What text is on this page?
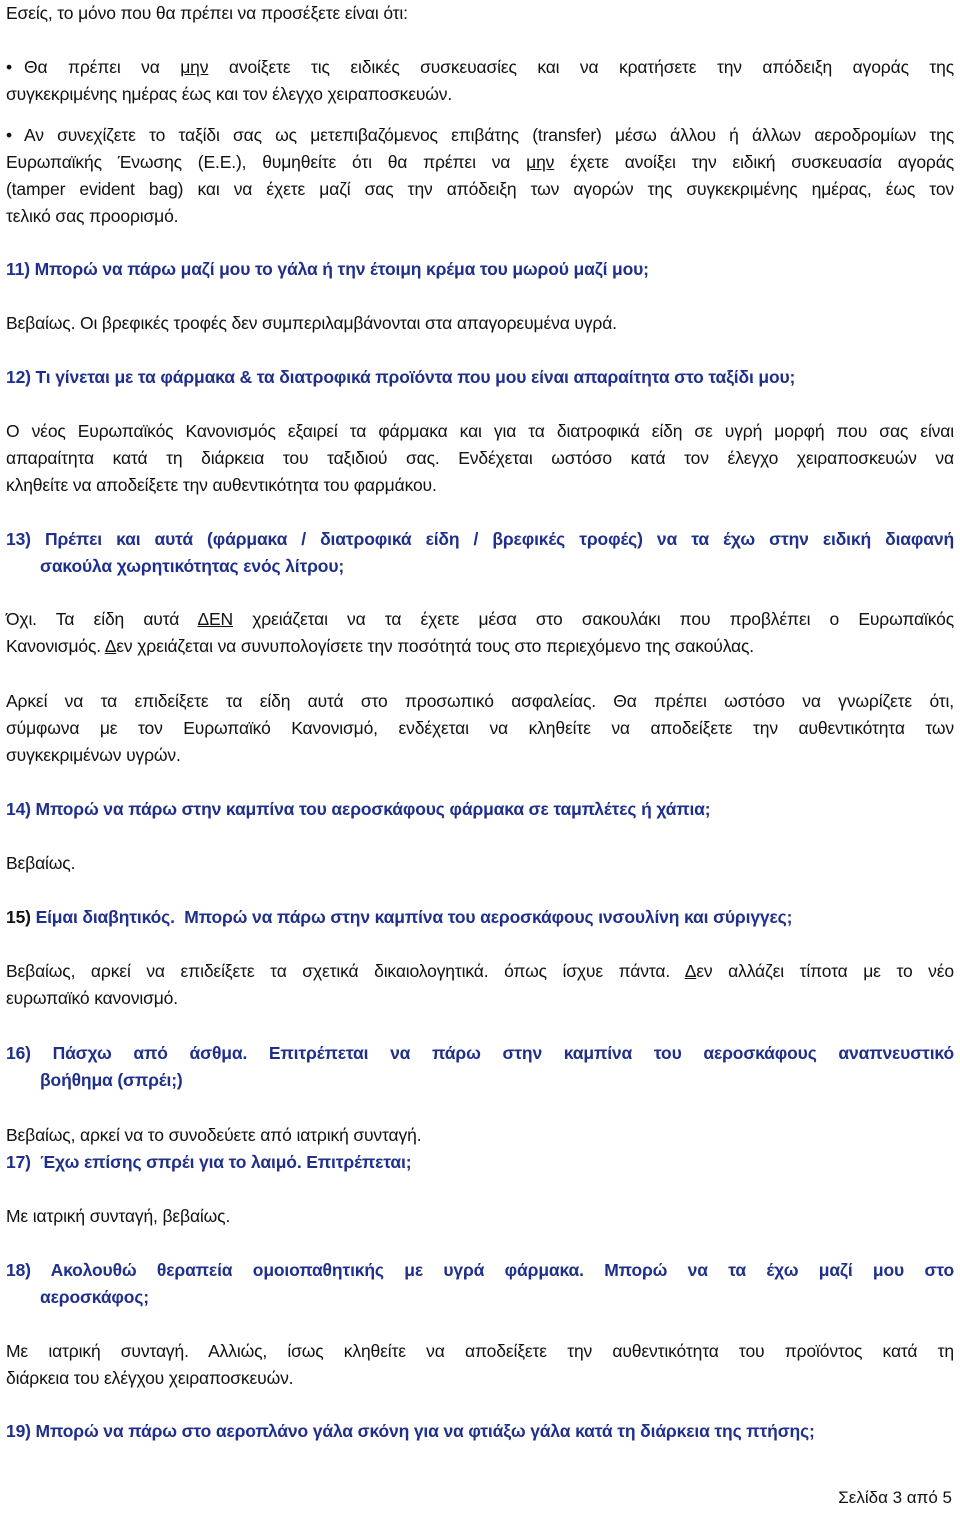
Εσείς, το μόνο που θα πρέπει να προσέξετε είναι ότι:
• Θα πρέπει να μην ανοίξετε τις ειδικές συσκευασίες και να κρατήσετε την απόδειξη αγοράς της
συγκεκριμένης ημέρας έως και τον έλεγχο χειραποσκευών.
• Αν συνεχίζετε το ταξίδι σας ως μετεπιβαζόμενος επιβάτης (transfer) μέσω άλλου ή άλλων αεροδρομίων της
Ευρωπαϊκής Ένωσης (Ε.Ε.), θυμηθείτε ότι θα πρέπει να μην έχετε ανοίξει την ειδική συσκευασία αγοράς
(tamper evident bag) και να έχετε μαζί σας την απόδειξη των αγορών της συγκεκριμένης ημέρας, έως τον
τελικό σας προορισμό.
11) Μπορώ να πάρω μαζί μου το γάλα ή την έτοιμη κρέμα του μωρού μαζί μου;
Βεβαίως. Οι βρεφικές τροφές δεν συμπεριλαμβάνονται στα απαγορευμένα υγρά.
12) Τι γίνεται με τα φάρμακα & τα διατροφικά προϊόντα που μου είναι απαραίτητα στο ταξίδι μου;
Ο νέος Ευρωπαϊκός Κανονισμός εξαιρεί τα φάρμακα και για τα διατροφικά είδη σε υγρή μορφή που σας είναι
απαραίτητα κατά τη διάρκεια του ταξιδιού σας. Ενδέχεται ωστόσο κατά τον έλεγχο χειραποσκευών να
κληθείτε να αποδείξετε την αυθεντικότητα του φαρμάκου.
13) Πρέπει και αυτά (φάρμακα / διατροφικά είδη / βρεφικές τροφές) να τα έχω στην ειδική διαφανή
σακούλα χωρητικότητας ενός λίτρου;
Όχι. Τα είδη αυτά ΔΕΝ χρειάζεται να τα έχετε μέσα στο σακουλάκι που προβλέπει ο Ευρωπαϊκός
Κανονισμός. Δεν χρειάζεται να συνυπολογίσετε την ποσότητά τους στο περιεχόμενο της σακούλας.
Αρκεί να τα επιδείξετε τα είδη αυτά στο προσωπικό ασφαλείας. Θα πρέπει ωστόσο να γνωρίζετε ότι,
σύμφωνα με τον Ευρωπαϊκό Κανονισμό, ενδέχεται να κληθείτε να αποδείξετε την αυθεντικότητα των
συγκεκριμένων υγρών.
14) Μπορώ να πάρω στην καμπίνα του αεροσκάφους φάρμακα σε ταμπλέτες ή χάπια;
Βεβαίως.
15) Είμαι διαβητικός. Μπορώ να πάρω στην καμπίνα του αεροσκάφους ινσουλίνη και σύριγγες;
Βεβαίως, αρκεί να επιδείξετε τα σχετικά δικαιολογητικά. όπως ίσχυε πάντα. Δεν αλλάζει τίποτα με το νέο
ευρωπαϊκό κανονισμό.
16) Πάσχω από άσθμα. Επιτρέπεται να πάρω στην καμπίνα του αεροσκάφους αναπνευστικό
βοήθημα (σπρέι;)
Βεβαίως, αρκεί να το συνοδεύετε από ιατρική συνταγή.
17) Έχω επίσης σπρέι για το λαιμό. Επιτρέπεται;
Με ιατρική συνταγή, βεβαίως.
18) Ακολουθώ θεραπεία ομοιοπαθητικής με υγρά φάρμακα. Μπορώ να τα έχω μαζί μου στο
αεροσκάφος;
Με ιατρική συνταγή. Αλλιώς, ίσως κληθείτε να αποδείξετε την αυθεντικότητα του προϊόντος κατά τη
διάρκεια του ελέγχου χειραποσκευών.
19) Μπορώ να πάρω στο αεροπλάνο γάλα σκόνη για να φτιάξω γάλα κατά τη διάρκεια της πτήσης;
Σελίδα 3 από 5
